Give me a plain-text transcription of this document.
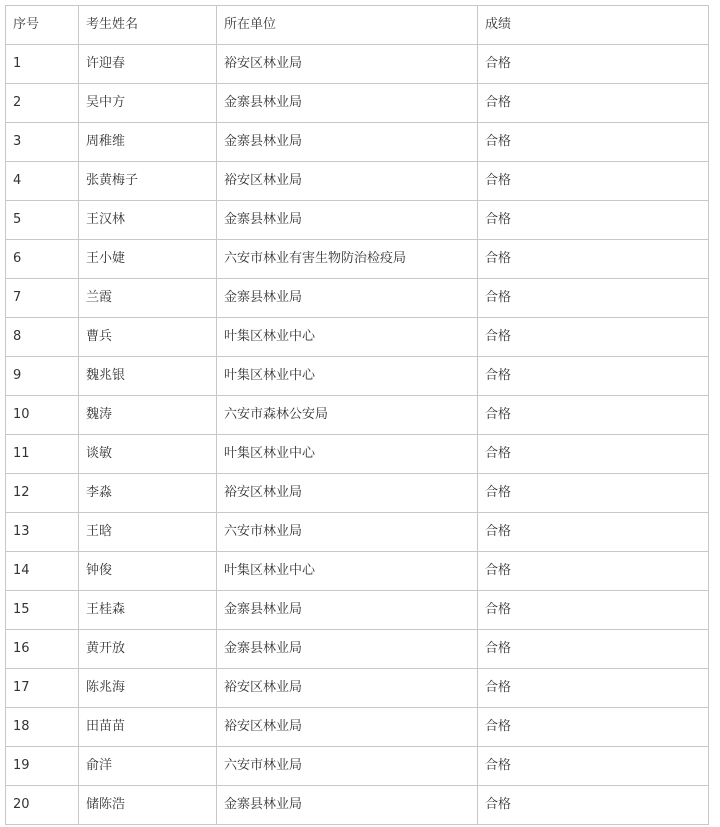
序号	考生姓名	所在单位	成绩
1	许迎春	裕安区林业局	合格
2	吴中方	金寨县林业局	合格
3	周稚维	金寨县林业局	合格
4	张黄梅子	裕安区林业局	合格
5	王汉林	金寨县林业局	合格
6	王小婕	六安市林业有害生物防治检疫局	合格
7	兰霞	金寨县林业局	合格
8	曹兵	叶集区林业中心	合格
9	魏兆银	叶集区林业中心	合格
10	魏涛	六安市森林公安局	合格
11	谈敏	叶集区林业中心	合格
12	李淼	裕安区林业局	合格
13	王晗	六安市林业局	合格
14	钟俊	叶集区林业中心	合格
15	王桂森	金寨县林业局	合格
16	黄开放	金寨县林业局	合格
17	陈兆海	裕安区林业局	合格
18	田苗苗	裕安区林业局	合格
19	俞洋	六安市林业局	合格
20	储陈浩	金寨县林业局	合格
